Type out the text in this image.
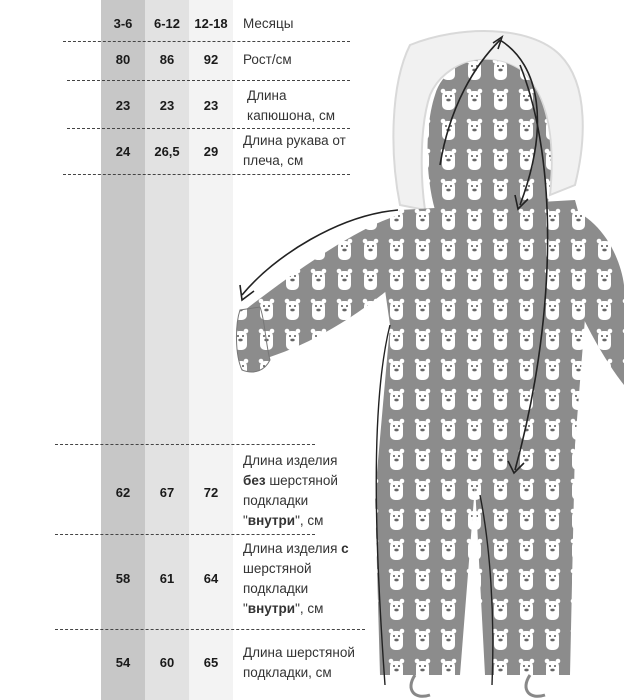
3-6	6-12	12-18	Месяцы
80	86	92	Рост/см
23	23	23
Длина
капюшона, см
24	26,5	29
Длина рукава от
плеча, см
62	67	72
Длина изделия
без шерстяной
подкладки
"внутри", см
58	61	64
Длина изделия с
шерстяной
подкладки
"внутри", см
54	60	65
Длина шерстяной
подкладки, см
